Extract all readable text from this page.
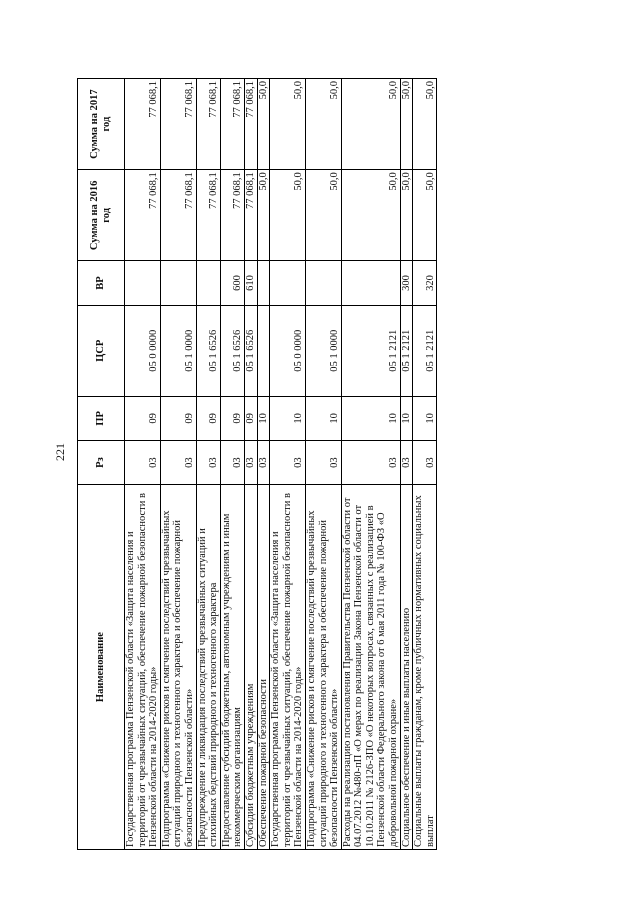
221
Наименование	Рз	ПР	ЦСР	ВР	Сумма на 2016 год	Сумма на 2017 год
Государственная программа Пензенской области «Защита населения и территорий от чрезвычайных ситуаций, обеспечение пожарной безопасности в Пензенской области на 2014-2020 годы»	03	09	05 0 0000		77 068,1	77 068,1
Подпрограмма «Снижение рисков и смягчение последствий чрезвычайных ситуаций природного и техногенного характера и обеспечение пожарной безопасности Пензенской области»	03	09	05 1 0000		77 068,1	77 068,1
Предупреждение и ликвидация последствий чрезвычайных ситуаций и стихийных бедствий природного и техногенного характера	03	09	05 1 6526		77 068,1	77 068,1
Предоставление субсидий бюджетным, автономным учреждениям и иным некоммерческим организациям	03	09	05 1 6526	600	77 068,1	77 068,1
Субсидии бюджетным учреждениям	03	09	05 1 6526	610	77 068,1	77 068,1
Обеспечение пожарной безопасности	03	10			50,0	50,0
Государственная программа Пензенской области «Защита населения и территорий от чрезвычайных ситуаций, обеспечение пожарной безопасности в Пензенской области на 2014-2020 годы»	03	10	05 0 0000		50,0	50,0
Подпрограмма «Снижение рисков и смягчение последствий чрезвычайных ситуаций природного и техногенного характера и обеспечение пожарной безопасности Пензенской области»	03	10	05 1 0000		50,0	50,0
Расходы на реализацию постановления Правительства Пензенской области от 04.07.2012 №480-пП «О мерах по реализации Закона Пензенской области от 10.10.2011 № 2126-ЗПО «О некоторых вопросах, связанных с реализацией в Пензенской области Федерального закона от 6 мая 2011 года № 100-ФЗ «О добровольной пожарной охране»	03	10	05 1 2121		50,0	50,0
Социальное обеспечение и иные выплаты населению	03	10	05 1 2121	300	50,0	50,0
Социальные выплаты гражданам, кроме публичных нормативных социальных выплат	03	10	05 1 2121	320	50,0	50,0
